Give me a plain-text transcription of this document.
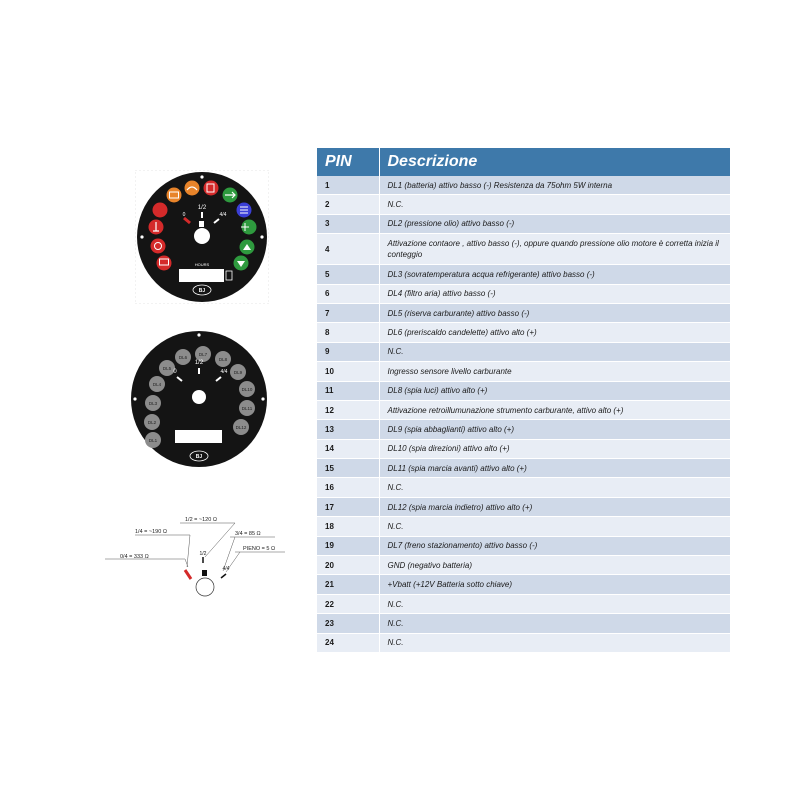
1/2
0	4/4
HOURS
BJ
DL1
DL2
DL3
DL4
DL5
DL6
DL7
DL8
DL9
DL10
DL11
DL12
1/2
0	4/4
BJ
1/2
4/4
0/4 = 333 Ω
1/4 = ~190 Ω
1/2 = ~120 Ω
3/4 = 85 Ω
PIENO = 5 Ω
PIN	Descrizione
1	DL1 (batteria) attivo basso (-) Resistenza da 75ohm 5W interna
2	N.C.
3	DL2 (pressione olio) attivo basso (-)
4	Attivazione contaore , attivo basso (-), oppure quando pressione olio motore è corretta inizia il conteggio
5	DL3 (sovratemperatura acqua refrigerante) attivo basso (-)
6	DL4 (filtro aria) attivo basso (-)
7	DL5 (riserva carburante) attivo basso (-)
8	DL6 (preriscaldo candelette) attivo alto (+)
9	N.C.
10	Ingresso sensore livello carburante
11	DL8 (spia luci) attivo alto (+)
12	Attivazione retroillumunazione strumento carburante, attivo alto (+)
13	DL9 (spia abbaglianti) attivo alto (+)
14	DL10 (spia direzioni) attivo alto (+)
15	DL11 (spia marcia avanti) attivo alto (+)
16	N.C.
17	DL12 (spia marcia indietro) attivo alto (+)
18	N.C.
19	DL7 (freno stazionamento) attivo basso (-)
20	GND (negativo batteria)
21	+Vbatt (+12V Batteria sotto chiave)
22	N.C.
23	N.C.
24	N.C.
